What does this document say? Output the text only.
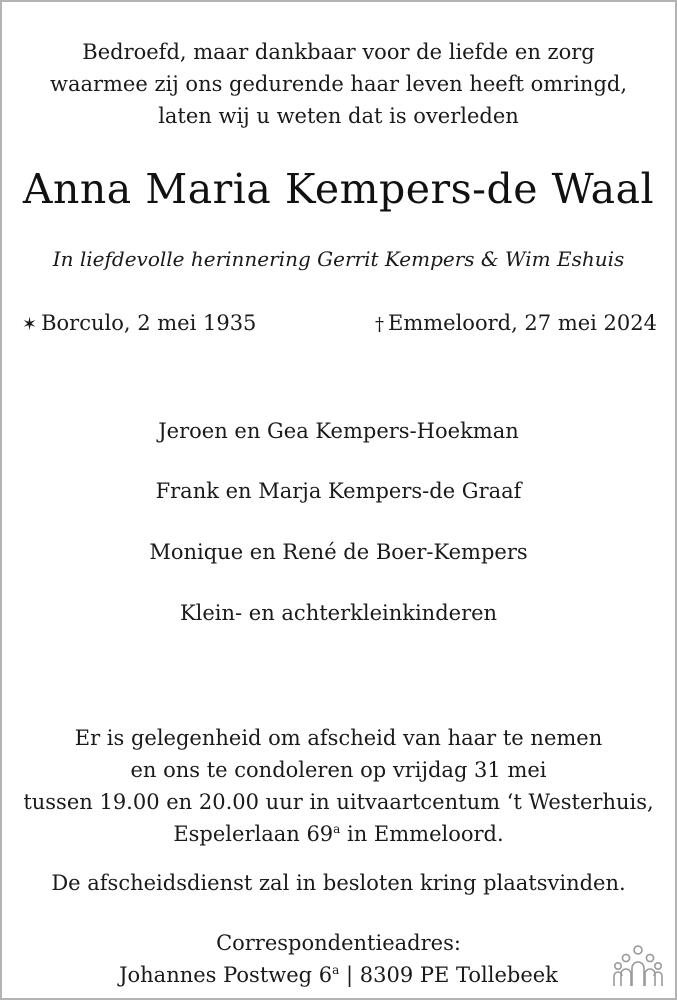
Bedroefd, maar dankbaar voor de liefde en zorg
waarmee zij ons gedurende haar leven heeft omringd,
laten wij u weten dat is overleden
Anna Maria Kempers-de Waal
In liefdevolle herinnering Gerrit Kempers & Wim Eshuis
✶ Borculo, 2 mei 1935	† Emmeloord, 27 mei 2024
Jeroen en Gea Kempers-Hoekman
Frank en Marja Kempers-de Graaf
Monique en René de Boer-Kempers
Klein- en achterkleinkinderen
Er is gelegenheid om afscheid van haar te nemen
en ons te condoleren op vrijdag 31 mei
tussen 19.00 en 20.00 uur in uitvaartcentum ‘t Westerhuis,
Espelerlaan 69$^a$ in Emmeloord.
De afscheidsdienst zal in besloten kring plaatsvinden.
Correspondentieadres:
Johannes Postweg 6$^a$ | 8309 PE Tollebeek
